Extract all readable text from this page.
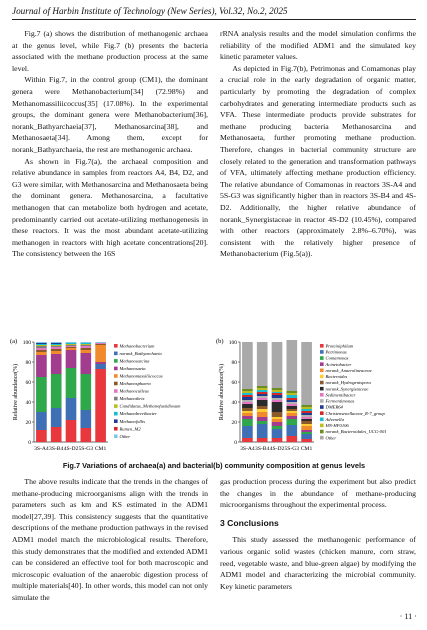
Journal of Harbin Institute of Technology (New Series), Vol.32, No.2, 2025

Fig.7 (a) shows the distribution of methanogenic archaea at the genus level, while Fig.7 (b) presents the bacteria associated with the methane production process at the same level.

Within Fig.7, in the control group (CM1), the dominant genera were Methanobacterium[34] (72.98%) and Methanomassiliicoccus[35] (17.08%). In the experimental groups, the dominant genera were Methanobacterium[36], norank_Bathyarchaeia[37], Methanosarcina[38], and Methanosaeta[34]. Among them, except for norank_Bathyarchaeia, the rest are methanogenic archaea.

As shown in Fig.7(a), the archaeal composition and relative abundance in samples from reactors A4, B4, D2, and G3 were similar, with Methanosarcina and Methanosaeta being the dominant genera. Methanosarcina, a facultative methanogen that can metabolize both hydrogen and acetate, predominantly carried out acetate-utilizing methanogenesis in these reactors. It was the most abundant acetate-utilizing methanogen in reactors with high acetate concentrations[20]. The consistency between the 16S

rRNA analysis results and the model simulation confirms the reliability of the modified ADM1 and the simulated key kinetic parameter values.

As depicted in Fig.7(b), Petrimonas and Comamonas play a crucial role in the early degradation of organic matter, particularly by promoting the degradation of complex carbohydrates and generating intermediate products such as VFA. These intermediate products provide substrates for methane producing bacteria Methanosarcina and Methanosaeta, further promoting methane production. Therefore, changes in bacterial community structure are closely related to the generation and transformation pathways of VFA, ultimately affecting methane production efficiency. The relative abundance of Comamonas in reactors 3S-A4 and 5S-G3 was significantly higher than in reactors 3S-B4 and 4S-D2. Additionally, the higher relative abundance of norank_Synergistaceae in reactor 4S-D2 (10.45%), compared with other reactors (approximately 2.8%–6.70%), was consistent with the relatively higher presence of Methanobacterium (Fig.5(a)).

(a)
Relative abundance(%)
0
20
40
60
80
100
3S-A4 3S-B4 4S-D2 5S-G3 CM1
Methanobacterium
norank_Bathyarchaeia
Methanosarcina
Methanosaeta
Methanomassiliicoccus
Methanosphaera
Methanoculleus
Methanothrix
Candidatus_Methanofastidiosum
Methanobrevibacter
Methanofollis
Rumen_M2
Other
(b)
Relative abundance(%)
0
20
40
60
80
100
3S-A4 3S-B4 4S-D2 5S-G3 CM1
Proteiniphilum
Petrimonas
Comamonas
Acinetobacter
norank_Anaerolineaceae
Bacteroides
norank_Hydrogenispora
norank_Synergistaceae
Sedimentibacter
Fermentimonas
DMER64
Christensenellaceae_R-7_group
Advenella
HN-HF0106
norank_Bacteroidales_UCG-001
Other
Fig.7 Variations of archaea(a) and bacterial(b) community composition at genus levels

The above results indicate that the trends in the changes of methane-producing microorganisms align with the trends in parameters such as km and KS estimated in the ADM1 model[27,39]. This consistency suggests that the quantitative descriptions of the methane production pathways in the revised ADM1 model match the microbiological results. Therefore, this study demonstrates that the modified and extended ADM1 can be considered an effective tool for both macroscopic and microscopic evaluation of the anaerobic digestion process of multiple materials[40]. In other words, this model can not only simulate the

gas production process during the experiment but also predict the changes in the abundance of methane-producing microorganisms throughout the experimental process.

3 Conclusions

This study assessed the methanogenic performance of various organic solid wastes (chicken manure, corn straw, reed, vegetable waste, and blue-green algae) by modifying the ADM1 model and characterizing the microbial community. Key kinetic parameters

· 11 ·
